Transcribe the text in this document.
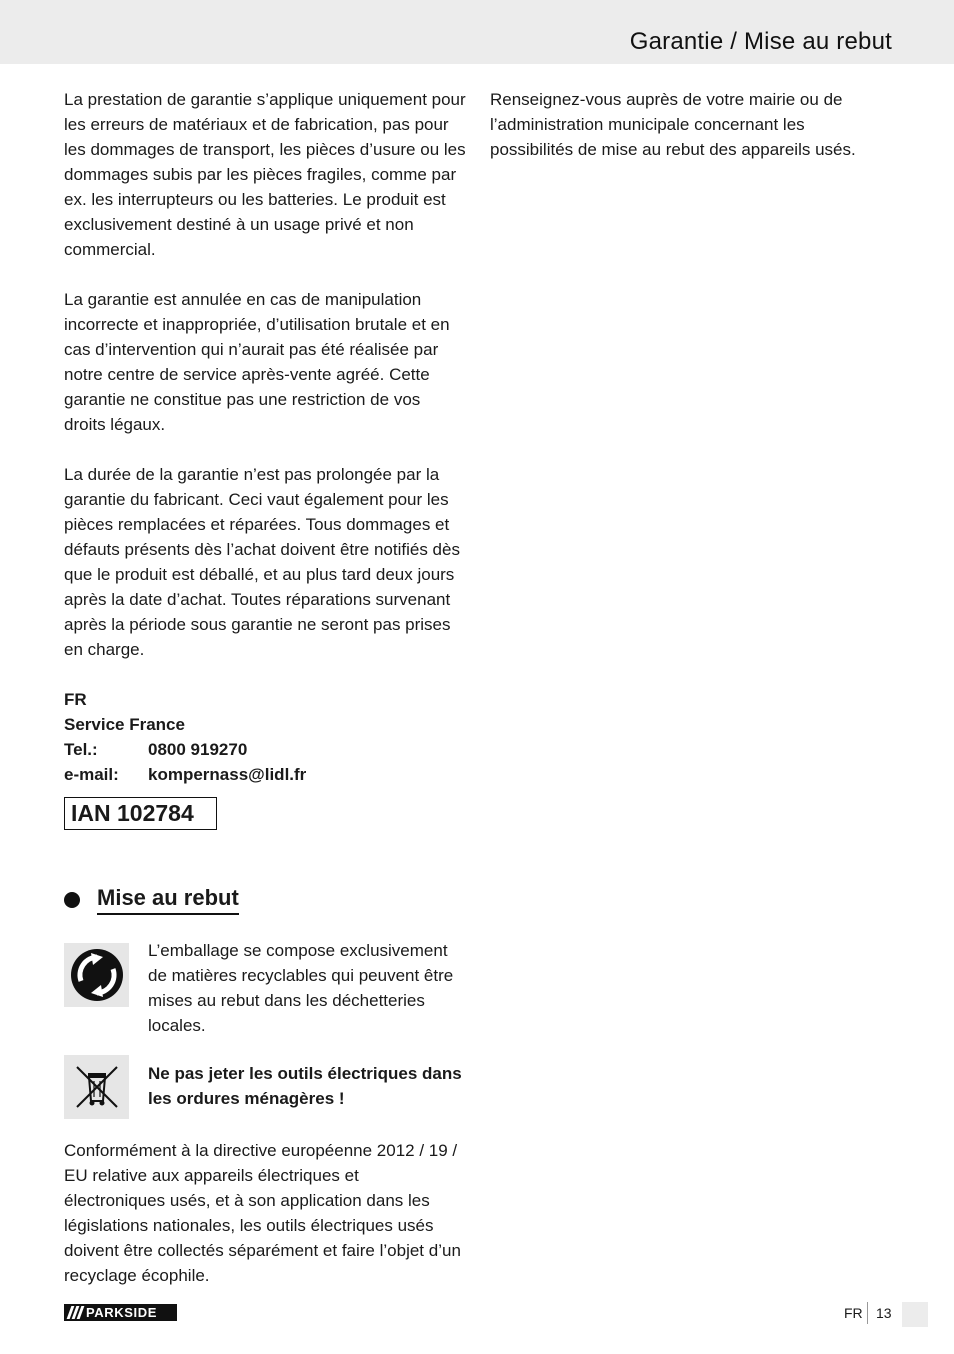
Garantie / Mise au rebut

La prestation de garantie s’applique uniquement pour les erreurs de matériaux et de fabrication, pas pour les dommages de transport, les pièces d’usure ou les dommages subis par les pièces fragiles, comme par ex. les interrupteurs ou les batteries. Le produit est exclusivement destiné à un usage privé et non commercial.

La garantie est annulée en cas de manipulation incorrecte et inappropriée, d’utilisation brutale et en cas d’intervention qui n’aurait pas été réalisée par notre centre de service après-vente agréé. Cette garantie ne constitue pas une restriction de vos droits légaux.

La durée de la garantie n’est pas prolongée par la garantie du fabricant. Ceci vaut également pour les pièces remplacées et réparées. Tous dommages et défauts présents dès l’achat doivent être notifiés dès que le produit est déballé, et au plus tard deux jours après la date d’achat. Toutes réparations survenant après la période sous garantie ne seront pas prises en charge.

FR
Service France
Tel.:	0800 919270
e-mail:	kompernass@lidl.fr
IAN 102784
Mise au rebut

L’emballage se compose exclusivement de matières recyclables qui peuvent être mises au rebut dans les déchetteries locales.

Ne pas jeter les outils électriques dans les ordures ménagères !

Conformément à la directive européenne 2012 / 19 / EU relative aux appareils électriques et électroniques usés, et à son application dans les législations nationales, les outils électriques usés doivent être collectés séparément et faire l’objet d’un recyclage écophile.

Renseignez-vous auprès de votre mairie ou de l’administration municipale concernant les possibilités de mise au rebut des appareils usés.

PARKSIDE	FR 13
